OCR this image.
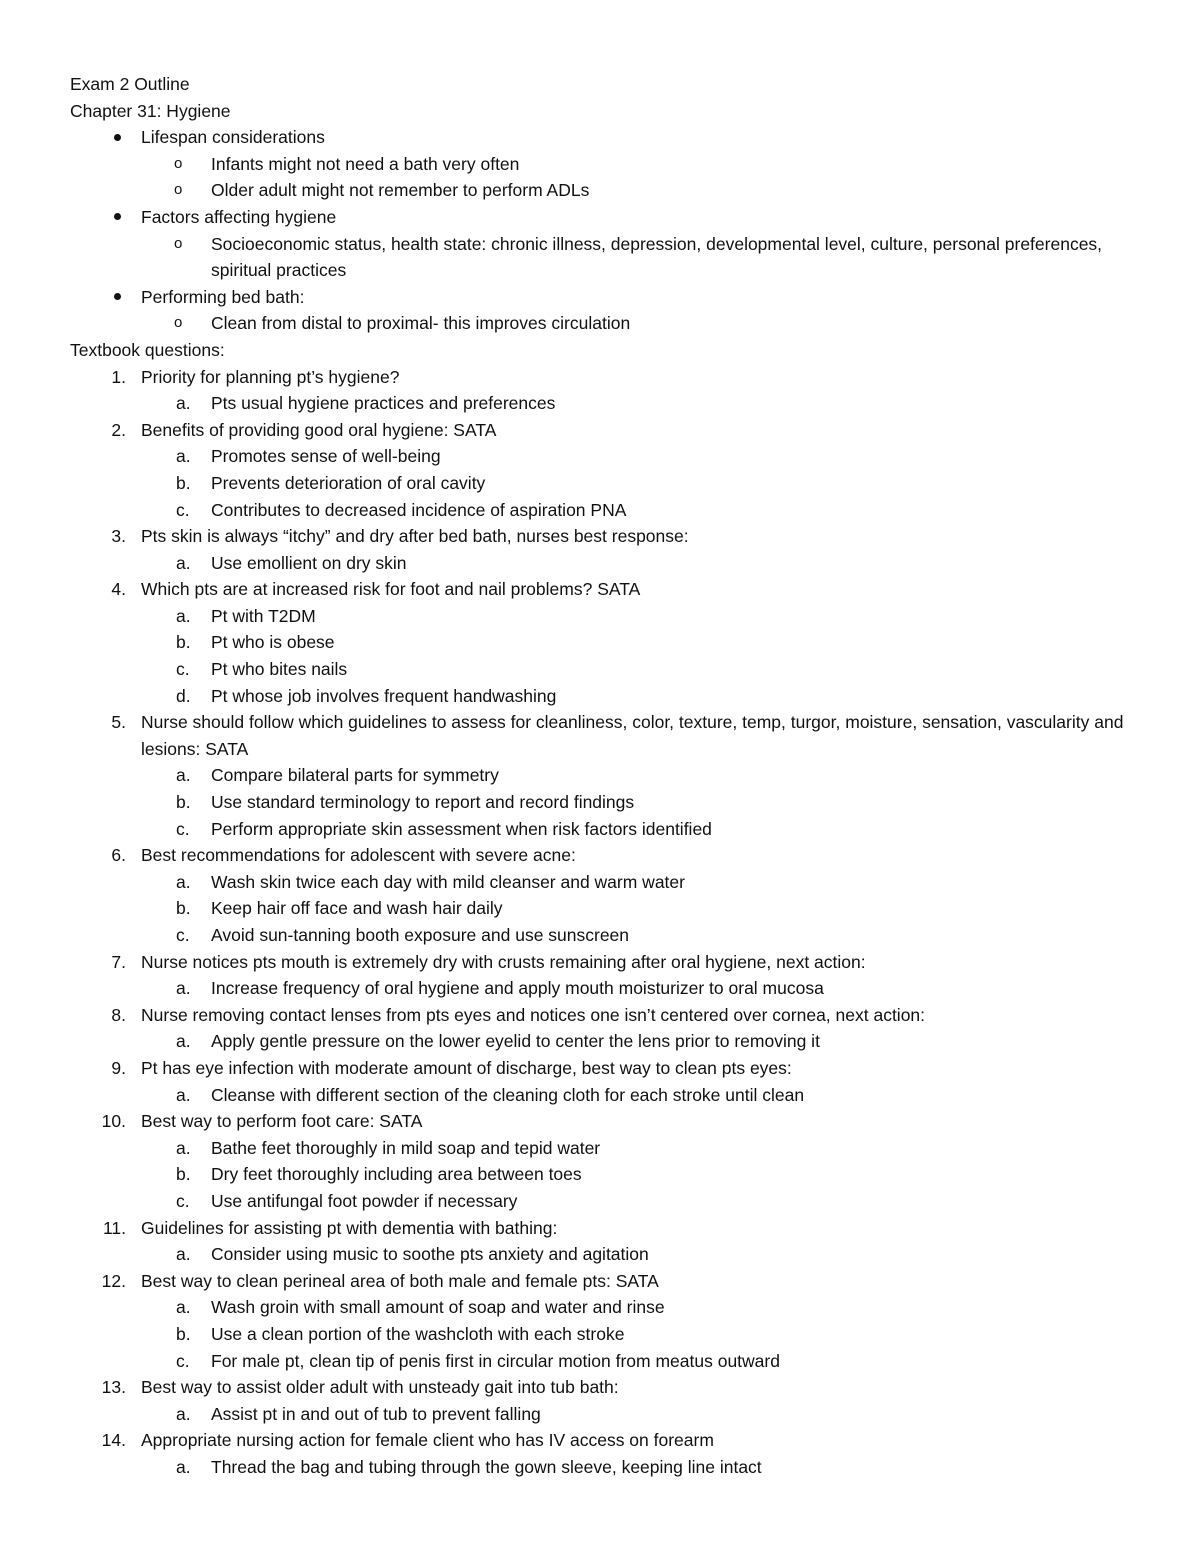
Exam 2 Outline
Chapter 31: Hygiene
Lifespan considerations
o Infants might not need a bath very often
o Older adult might not remember to perform ADLs
Factors affecting hygiene
o Socioeconomic status, health state: chronic illness, depression, developmental level, culture, personal preferences, spiritual practices
Performing bed bath:
o Clean from distal to proximal- this improves circulation
Textbook questions:
1. Priority for planning pt’s hygiene?
a. Pts usual hygiene practices and preferences
2. Benefits of providing good oral hygiene: SATA
a. Promotes sense of well-being
b. Prevents deterioration of oral cavity
c. Contributes to decreased incidence of aspiration PNA
3. Pts skin is always “itchy” and dry after bed bath, nurses best response:
a. Use emollient on dry skin
4. Which pts are at increased risk for foot and nail problems? SATA
a. Pt with T2DM
b. Pt who is obese
c. Pt who bites nails
d. Pt whose job involves frequent handwashing
5. Nurse should follow which guidelines to assess for cleanliness, color, texture, temp, turgor, moisture, sensation, vascularity and lesions: SATA
a. Compare bilateral parts for symmetry
b. Use standard terminology to report and record findings
c. Perform appropriate skin assessment when risk factors identified
6. Best recommendations for adolescent with severe acne:
a. Wash skin twice each day with mild cleanser and warm water
b. Keep hair off face and wash hair daily
c. Avoid sun-tanning booth exposure and use sunscreen
7. Nurse notices pts mouth is extremely dry with crusts remaining after oral hygiene, next action:
a. Increase frequency of oral hygiene and apply mouth moisturizer to oral mucosa
8. Nurse removing contact lenses from pts eyes and notices one isn’t centered over cornea, next action:
a. Apply gentle pressure on the lower eyelid to center the lens prior to removing it
9. Pt has eye infection with moderate amount of discharge, best way to clean pts eyes:
a. Cleanse with different section of the cleaning cloth for each stroke until clean
10. Best way to perform foot care: SATA
a. Bathe feet thoroughly in mild soap and tepid water
b. Dry feet thoroughly including area between toes
c. Use antifungal foot powder if necessary
11. Guidelines for assisting pt with dementia with bathing:
a. Consider using music to soothe pts anxiety and agitation
12. Best way to clean perineal area of both male and female pts: SATA
a. Wash groin with small amount of soap and water and rinse
b. Use a clean portion of the washcloth with each stroke
c. For male pt, clean tip of penis first in circular motion from meatus outward
13. Best way to assist older adult with unsteady gait into tub bath:
a. Assist pt in and out of tub to prevent falling
14. Appropriate nursing action for female client who has IV access on forearm
a. Thread the bag and tubing through the gown sleeve, keeping line intact
